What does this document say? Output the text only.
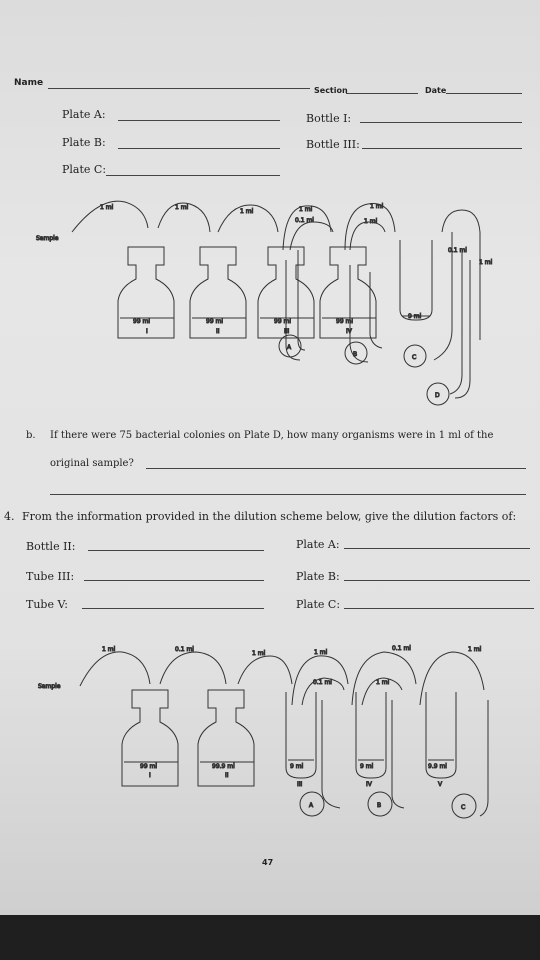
Name
Section	Date
Plate A:	Bottle I:
Plate B:	Bottle III:
Plate C:
Sample
1 ml	1 ml
1 ml	1 ml
0.1 ml
1 ml
1 ml
0.1 ml
1 ml
99 ml	99 ml	99 ml	99 ml
9 ml
I	II	III	IV
A
B	C
D
b. If there were 75 bacterial colonies on Plate D, how many organisms were in 1 ml of the
original sample?
4. From the information provided in the dilution scheme below, give the dilution factors of:
Bottle II:	Plate A:
Tube III:	Plate B:
Tube V:	Plate C:
Sample
1 ml	0.1 ml
1 ml	1 ml
0.1 ml
0.1 ml
1 ml
1 ml
99 ml	99.9 ml	9 ml	9 ml	9.9 ml
I	II
III	IV	V
A	B	C
47
